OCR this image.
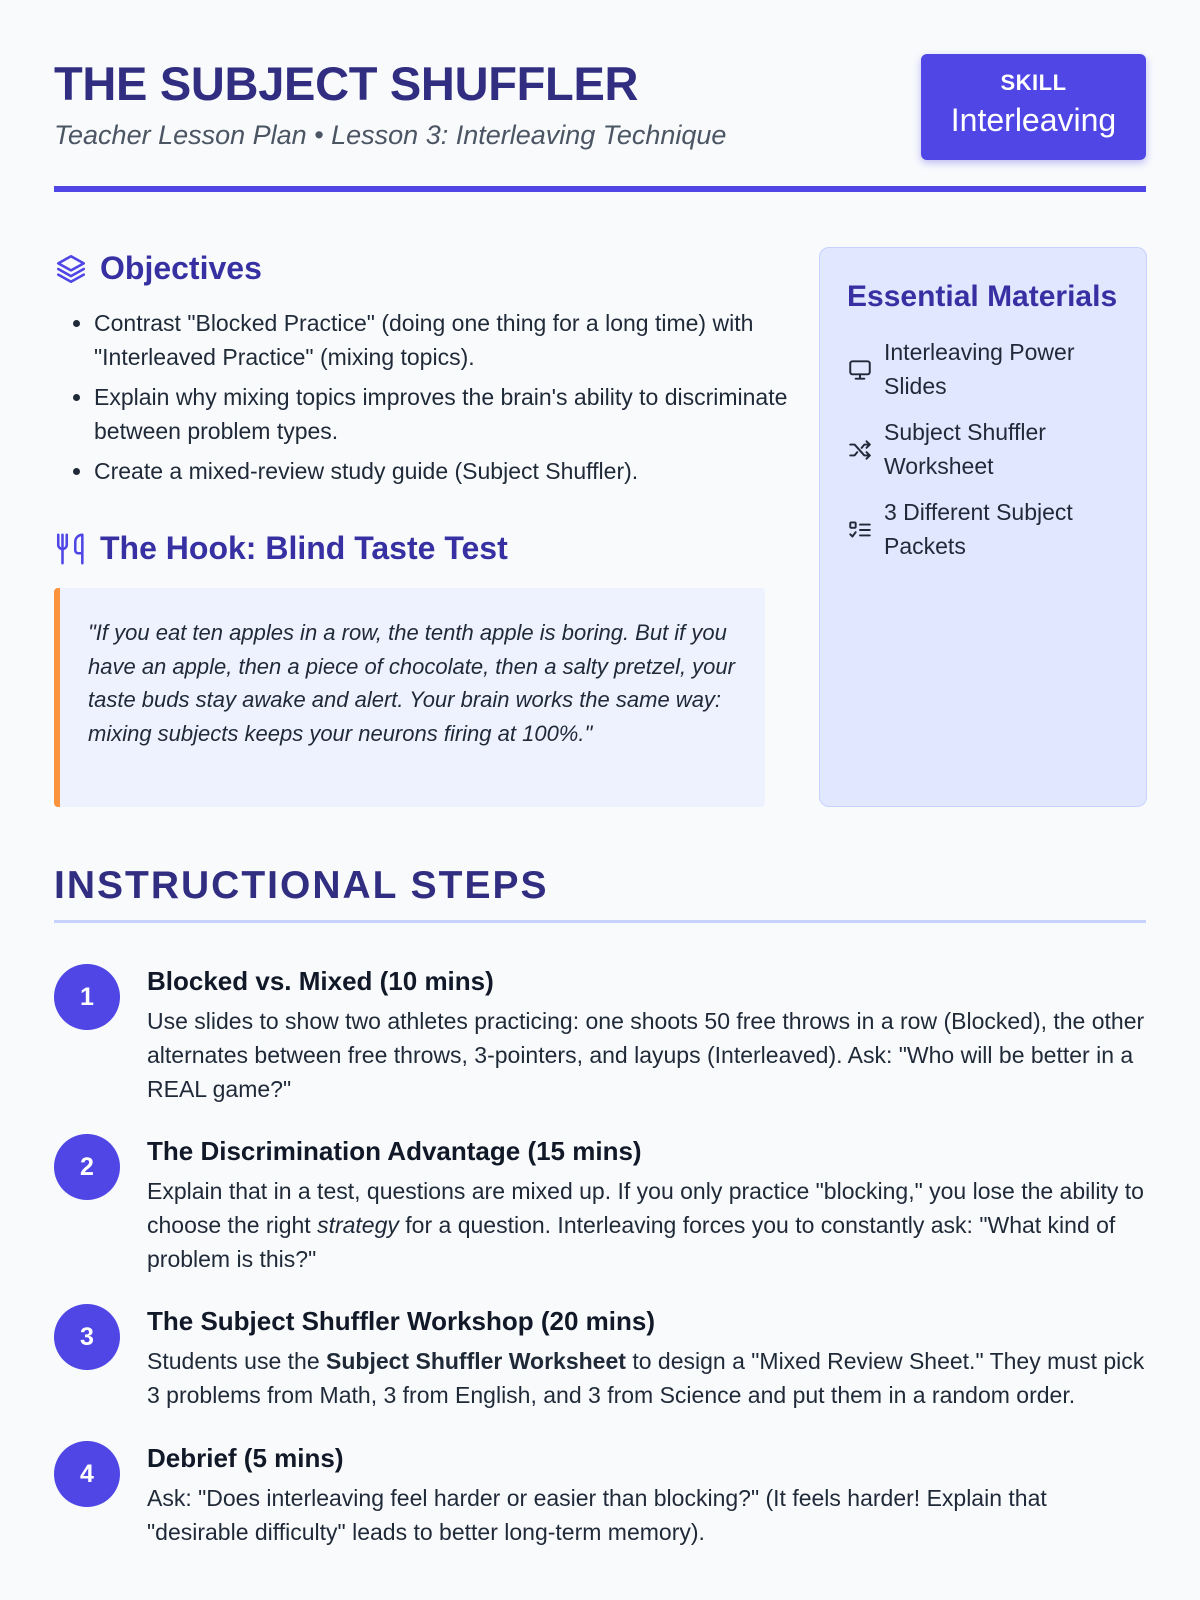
THE SUBJECT SHUFFLER

Teacher Lesson Plan • Lesson 3: Interleaving Technique

SKILL
Interleaving
Objectives
• Contrast "Blocked Practice" (doing one thing for a long time) with "Interleaved Practice" (mixing topics).
• Explain why mixing topics improves the brain's ability to discriminate between problem types.
• Create a mixed-review study guide (Subject Shuffler).
The Hook: Blind Taste Test
"If you eat ten apples in a row, the tenth apple is boring. But if you have an apple, then a piece of chocolate, then a salty pretzel, your taste buds stay awake and alert. Your brain works the same way: mixing subjects keeps your neurons firing at 100%."
Essential Materials
Interleaving Power Slides
Subject Shuffler Worksheet
3 Different Subject Packets
INSTRUCTIONAL STEPS
1

Blocked vs. Mixed (10 mins)

Use slides to show two athletes practicing: one shoots 50 free throws in a row (Blocked), the other alternates between free throws, 3-pointers, and layups (Interleaved). Ask: "Who will be better in a REAL game?"

2

The Discrimination Advantage (15 mins)

Explain that in a test, questions are mixed up. If you only practice "blocking," you lose the ability to choose the right strategy for a question. Interleaving forces you to constantly ask: "What kind of problem is this?"

3

The Subject Shuffler Workshop (20 mins)

Students use the Subject Shuffler Worksheet to design a "Mixed Review Sheet." They must pick 3 problems from Math, 3 from English, and 3 from Science and put them in a random order.

4

Debrief (5 mins)

Ask: "Does interleaving feel harder or easier than blocking?" (It feels harder! Explain that "desirable difficulty" leads to better long-term memory).
